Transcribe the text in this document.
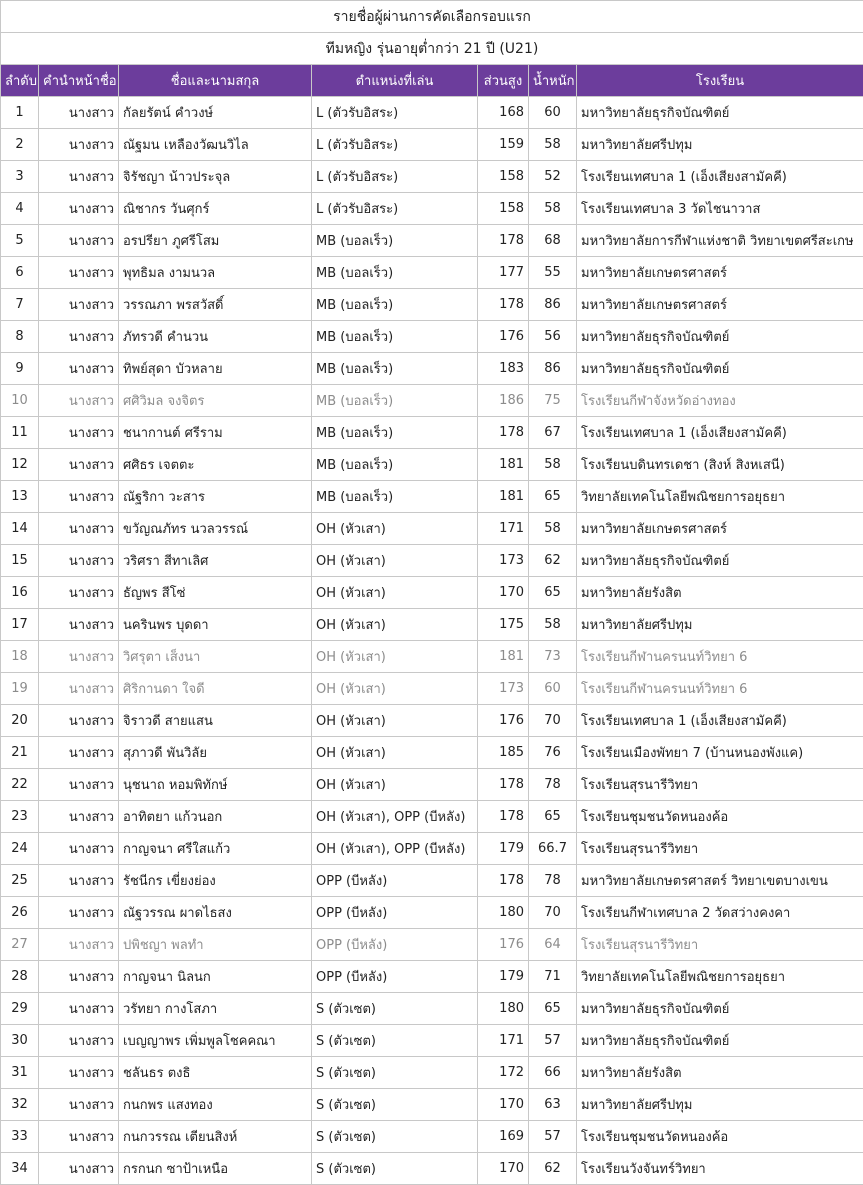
รายชื่อผู้ผ่านการคัดเลือกรอบแรก						
ทีมหญิง รุ่นอายุต่ำกว่า 21 ปี (U21)						
ลำดับ	คำนำหน้าชื่อ	ชื่อและนามสกุล	ตำแหน่งที่เล่น	ส่วนสูง	น้ำหนัก	โรงเรียน
1	นางสาว	กัลยรัตน์ คำวงษ์	L (ตัวรับอิสระ)	168	60	มหาวิทยาลัยธุรกิจบัณฑิตย์
2	นางสาว	ณัฐมน เหลืองวัฒนวิไล	L (ตัวรับอิสระ)	159	58	มหาวิทยาลัยศรีปทุม
3	นางสาว	จิรัชญา น้าวประจุล	L (ตัวรับอิสระ)	158	52	โรงเรียนเทศบาล 1 (เอ็งเสียงสามัคคี)
4	นางสาว	ณิชากร วันศุกร์	L (ตัวรับอิสระ)	158	58	โรงเรียนเทศบาล 3 วัดไชนาวาส
5	นางสาว	อรปรียา ภูศรีโสม	MB (บอลเร็ว)	178	68	มหาวิทยาลัยการกีฬาแห่งชาติ วิทยาเขตศรีสะเกษ
6	นางสาว	พุทธิมล งามนวล	MB (บอลเร็ว)	177	55	มหาวิทยาลัยเกษตรศาสตร์
7	นางสาว	วรรณภา พรสวัสดิ์	MB (บอลเร็ว)	178	86	มหาวิทยาลัยเกษตรศาสตร์
8	นางสาว	ภัทรวดี คำนวน	MB (บอลเร็ว)	176	56	มหาวิทยาลัยธุรกิจบัณฑิตย์
9	นางสาว	ทิพย์สุดา บัวหลาย	MB (บอลเร็ว)	183	86	มหาวิทยาลัยธุรกิจบัณฑิตย์
10	นางสาว	ศศิวิมล จงจิตร	MB (บอลเร็ว)	186	75	โรงเรียนกีฬาจังหวัดอ่างทอง
11	นางสาว	ชนากานต์ ศรีราม	MB (บอลเร็ว)	178	67	โรงเรียนเทศบาล 1 (เอ็งเสียงสามัคคี)
12	นางสาว	ศศิธร เจตตะ	MB (บอลเร็ว)	181	58	โรงเรียนบดินทรเดชา (สิงห์ สิงหเสนี)
13	นางสาว	ณัฐริกา วะสาร	MB (บอลเร็ว)	181	65	วิทยาลัยเทคโนโลยีพณิชยการอยุธยา
14	นางสาว	ขวัญณภัทร นวลวรรณ์	OH (หัวเสา)	171	58	มหาวิทยาลัยเกษตรศาสตร์
15	นางสาว	วริศรา สีทาเลิศ	OH (หัวเสา)	173	62	มหาวิทยาลัยธุรกิจบัณฑิตย์
16	นางสาว	ธัญพร สีโซ่	OH (หัวเสา)	170	65	มหาวิทยาลัยรังสิต
17	นางสาว	นครินพร บุดดา	OH (หัวเสา)	175	58	มหาวิทยาลัยศรีปทุม
18	นางสาว	วิศรุตา เส็งนา	OH (หัวเสา)	181	73	โรงเรียนกีฬานครนนท์วิทยา 6
19	นางสาว	ศิริกานดา ใจดี	OH (หัวเสา)	173	60	โรงเรียนกีฬานครนนท์วิทยา 6
20	นางสาว	จิราวดี สายแสน	OH (หัวเสา)	176	70	โรงเรียนเทศบาล 1 (เอ็งเสียงสามัคคี)
21	นางสาว	สุภาวดี พันวิลัย	OH (หัวเสา)	185	76	โรงเรียนเมืองพัทยา 7 (บ้านหนองพังแค)
22	นางสาว	นุชนาถ หอมพิทักษ์	OH (หัวเสา)	178	78	โรงเรียนสุรนารีวิทยา
23	นางสาว	อาทิตยา แก้วนอก	OH (หัวเสา), OPP (บีหลัง)	178	65	โรงเรียนชุมชนวัดหนองค้อ
24	นางสาว	กาญจนา ศรีใสแก้ว	OH (หัวเสา), OPP (บีหลัง)	179	66.7	โรงเรียนสุรนารีวิทยา
25	นางสาว	รัชนีกร เขี่ยงย่อง	OPP (บีหลัง)	178	78	มหาวิทยาลัยเกษตรศาสตร์ วิทยาเขตบางเขน
26	นางสาว	ณัฐวรรณ ผาดไธสง	OPP (บีหลัง)	180	70	โรงเรียนกีฬาเทศบาล 2 วัดสว่างคงคา
27	นางสาว	ปพิชญา พลทำ	OPP (บีหลัง)	176	64	โรงเรียนสุรนารีวิทยา
28	นางสาว	กาญจนา นิลนก	OPP (บีหลัง)	179	71	วิทยาลัยเทคโนโลยีพณิชยการอยุธยา
29	นางสาว	วรัทยา กางโสภา	S (ตัวเซต)	180	65	มหาวิทยาลัยธุรกิจบัณฑิตย์
30	นางสาว	เบญญาพร เพิ่มพูลโชคคณา	S (ตัวเซต)	171	57	มหาวิทยาลัยธุรกิจบัณฑิตย์
31	นางสาว	ชลันธร ตงธิ	S (ตัวเซต)	172	66	มหาวิทยาลัยรังสิต
32	นางสาว	กนกพร แสงทอง	S (ตัวเซต)	170	63	มหาวิทยาลัยศรีปทุม
33	นางสาว	กนกวรรณ เตียนสิงห์	S (ตัวเซต)	169	57	โรงเรียนชุมชนวัดหนองค้อ
34	นางสาว	กรกนก ซาป้าเหนือ	S (ตัวเซต)	170	62	โรงเรียนวังจันทร์วิทยา
